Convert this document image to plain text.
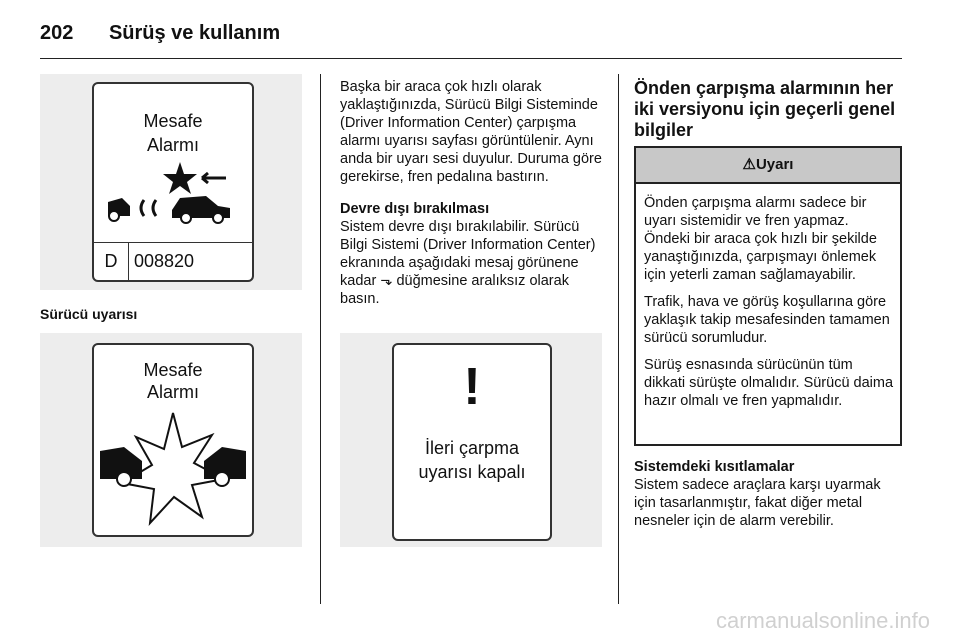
202 Sürüş ve kullanım
Mesafe
Alarmı
D 008820
Sürücü uyarısı
Mesafe
Alarmı

Başka bir araca çok hızlı olarak yaklaştığınızda, Sürücü Bilgi Sisteminde (Driver Information Center) çarpışma alarmı uyarısı sayfası görüntülenir. Aynı anda bir uyarı sesi duyulur. Duruma göre gerekirse, fren pedalına bastırın.

Devre dışı bırakılması

Sistem devre dışı bırakılabilir. Sürücü Bilgi Sistemi (Driver Information Center) ekranında aşağıdaki mesaj görünene kadar ⬎ düğmesine aralıksız olarak basın.

!
İleri çarpma
uyarısı kapalı
Önden çarpışma alarmının her iki versiyonu için geçerli genel bilgiler
⚠Uyarı

Önden çarpışma alarmı sadece bir uyarı sistemidir ve fren yapmaz. Öndeki bir araca çok hızlı bir şekilde yanaştığınızda, çarpışmayı önlemek için yeterli zaman sağlamayabilir.

Trafik, hava ve görüş koşullarına göre yaklaşık takip mesafesinden tamamen sürücü sorumludur.

Sürüş esnasında sürücünün tüm dikkati sürüşte olmalıdır. Sürücü daima hazır olmalı ve fren yapmalıdır.

Sistemdeki kısıtlamalar

Sistem sadece araçlara karşı uyarmak için tasarlanmıştır, fakat diğer metal nesneler için de alarm verebilir.

carmanualsonline.info
